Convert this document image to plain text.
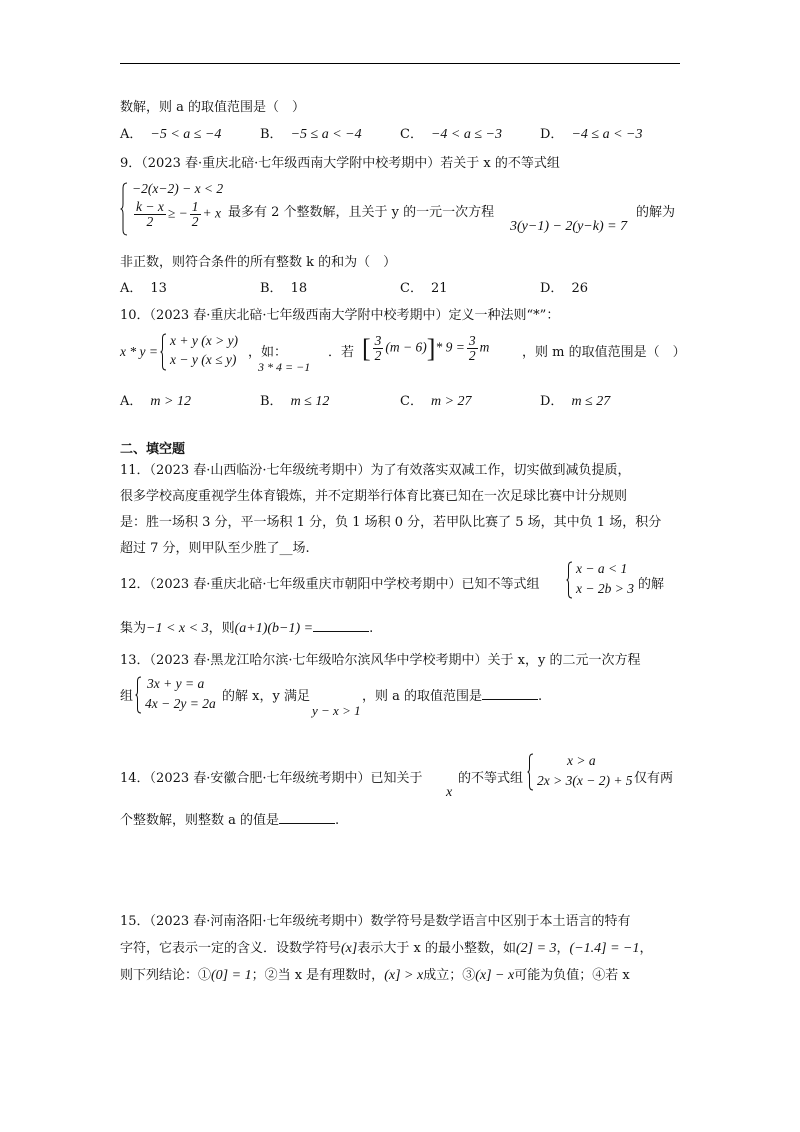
数解，则 a 的取值范围是（　）
A． −5 < a ≤ −4	B． −5 ≤ a < −4	C． −4 < a ≤ −3	D． −4 ≤ a < −3
9．（2023 春·重庆北碚·七年级西南大学附中校考期中）若关于 x 的不等式组
−2(x−2) − x < 2
$\frac{k - x}{2}$ ≥ − $\frac{1}{2} + x$ 最多有 2 个整数解，且关于 y 的一元一次方程
3(y−1) − 2(y−k) = 7
的解为
非正数，则符合条件的所有整数 k 的和为（　）
A． 13	B． 18	C． 21	D． 26
10．（2023 春·重庆北碚·七年级西南大学附中校考期中）定义一种法则“*”：
x * y =
x + y (x > y)
x − y (x ≤ y) ，如：
3 * 4 = −1
．若 [ $\frac{3}{2} (m - 6)]*$ $9 = \frac{3}{2}$ m	，则 m 的取值范围是（　）
A． m > 12	B． m ≤ 12	C． m > 27	D． m ≤ 27
二、填空题
11．（2023 春·山西临汾·七年级统考期中）为了有效落实双减工作，切实做到减负提质，
很多学校高度重视学生体育锻炼，并不定期举行体育比赛已知在一次足球比赛中计分规则
是：胜一场积 3 分，平一场积 1 分，负 1 场积 0 分，若甲队比赛了 5 场，其中负 1 场，积分
超过 7 分，则甲队至少胜了__场.
12．（2023 春·重庆北碚·七年级重庆市朝阳中学校考期中）已知不等式组
x − a < 1
x − 2b > 3 的解
集为−1 < x < 3，则(a+1)(b−1) =	.
13．（2023 春·黑龙江哈尔滨·七年级哈尔滨风华中学校考期中）关于 x，y 的二元一次方程
组
3x + y = a
4x − 2y = 2a 的解 x，y 满足
y − x > 1
，则 a 的取值范围是	.
14．（2023 春·安徽合肥·七年级统考期中）已知关于
x
的不等式组
x > a
2x > 3(x − 2) + 5 仅有两
个整数解，则整数 a 的值是	.
15．（2023 春·河南洛阳·七年级统考期中）数学符号是数学语言中区别于本土语言的特有
字符，它表示一定的含义．设数学符号(x]表示大于 x 的最小整数，如(2] = 3，(−1.4] = −1，
则下列结论：①(0] = 1；②当 x 是有理数时，(x] > x成立；③(x] − x可能为负值；④若 x
